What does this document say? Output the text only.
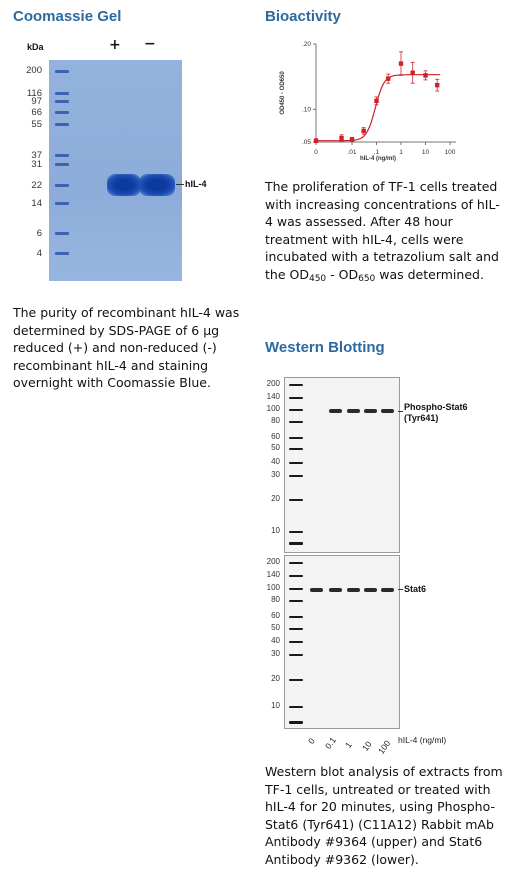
Coomassie Gel
kDa	+ −
200
116
97
66
55
37
31
22
14
6
4
hIL-4
The purity of recombinant hIL-4 was determined by SDS-PAGE of 6 µg reduced (+) and non-reduced (-) recombinant hIL-4 and staining overnight with Coomassie Blue.
Bioactivity
0	.01	.1	1	10 100
.05
.10
.20
hIL-4 (ng/ml)
OD450 - OD650
The proliferation of TF-1 cells treated with increasing concentrations of hIL-4 was assessed. After 48 hour treatment with hIL-4, cells were incubated with a tetrazolium salt and the $OD_{450} - OD_{650}$ was determined.
Western Blotting
200
140
100
80
60
50
40
30
20
10
Phospho-Stat6
(Tyr641)
200
140
100
80
60
50
40
30
20
10
Stat6
0 0.1 1 10 100 hIL-4 (ng/ml)
Western blot analysis of extracts from TF-1 cells, untreated or treated with hIL-4 for 20 minutes, using Phospho-Stat6 (Tyr641) (C11A12) Rabbit mAb Antibody #9364 (upper) and Stat6 Antibody #9362 (lower).
